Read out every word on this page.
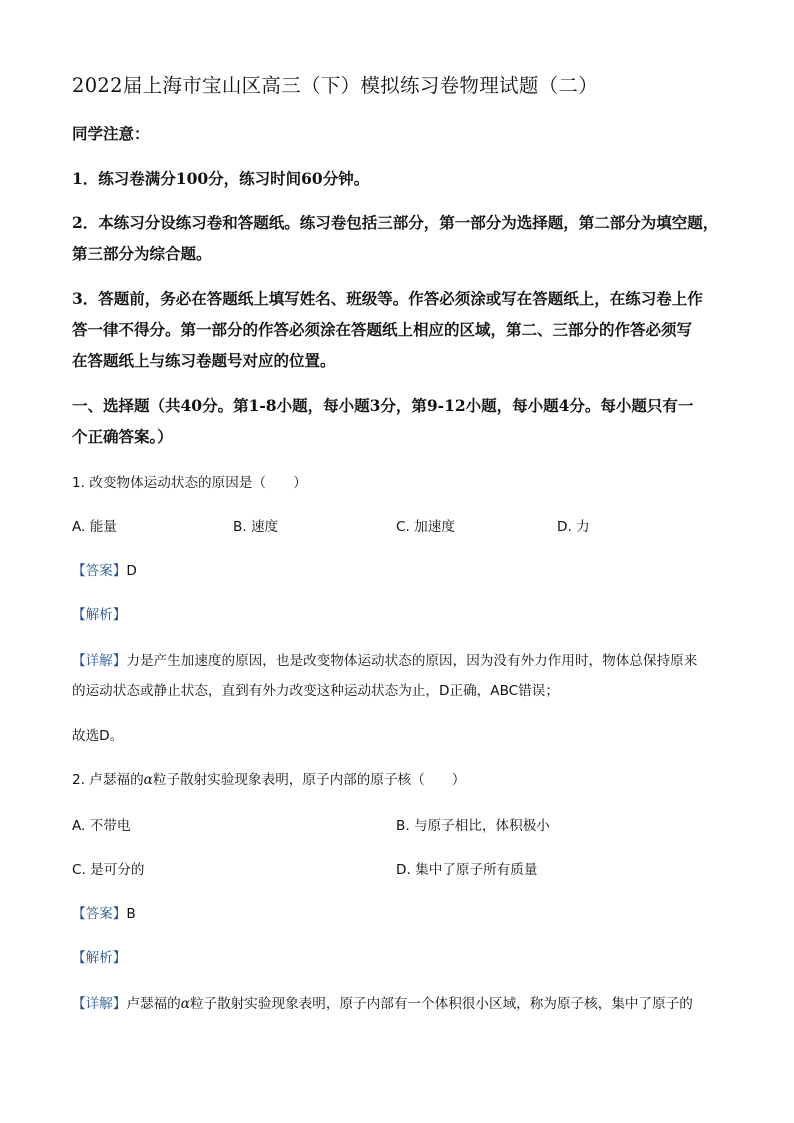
2022届上海市宝山区高三（下）模拟练习卷物理试题（二）
同学注意：
1．练习卷满分100分，练习时间60分钟。
2．本练习分设练习卷和答题纸。练习卷包括三部分，第一部分为选择题，第二部分为填空题，
第三部分为综合题。
3．答题前，务必在答题纸上填写姓名、班级等。作答必须涂或写在答题纸上，在练习卷上作
答一律不得分。第一部分的作答必须涂在答题纸上相应的区域，第二、三部分的作答必须写
在答题纸上与练习卷题号对应的位置。
一、选择题（共40分。第1-8小题，每小题3分，第9-12小题，每小题4分。每小题只有一
个正确答案。）
1. 改变物体运动状态的原因是（　　）
A. 能量	B. 速度	C. 加速度	D. 力
【答案】D
【解析】
【详解】力是产生加速度的原因，也是改变物体运动状态的原因，因为没有外力作用时，物体总保持原来
的运动状态或静止状态，直到有外力改变这种运动状态为止，D正确，ABC错误；
故选D。
2. 卢瑟福的α粒子散射实验现象表明，原子内部的原子核（　　）
A. 不带电	B. 与原子相比，体积极小
C. 是可分的	D. 集中了原子所有质量
【答案】B
【解析】
【详解】卢瑟福的α粒子散射实验现象表明，原子内部有一个体积很小区域，称为原子核，集中了原子的
